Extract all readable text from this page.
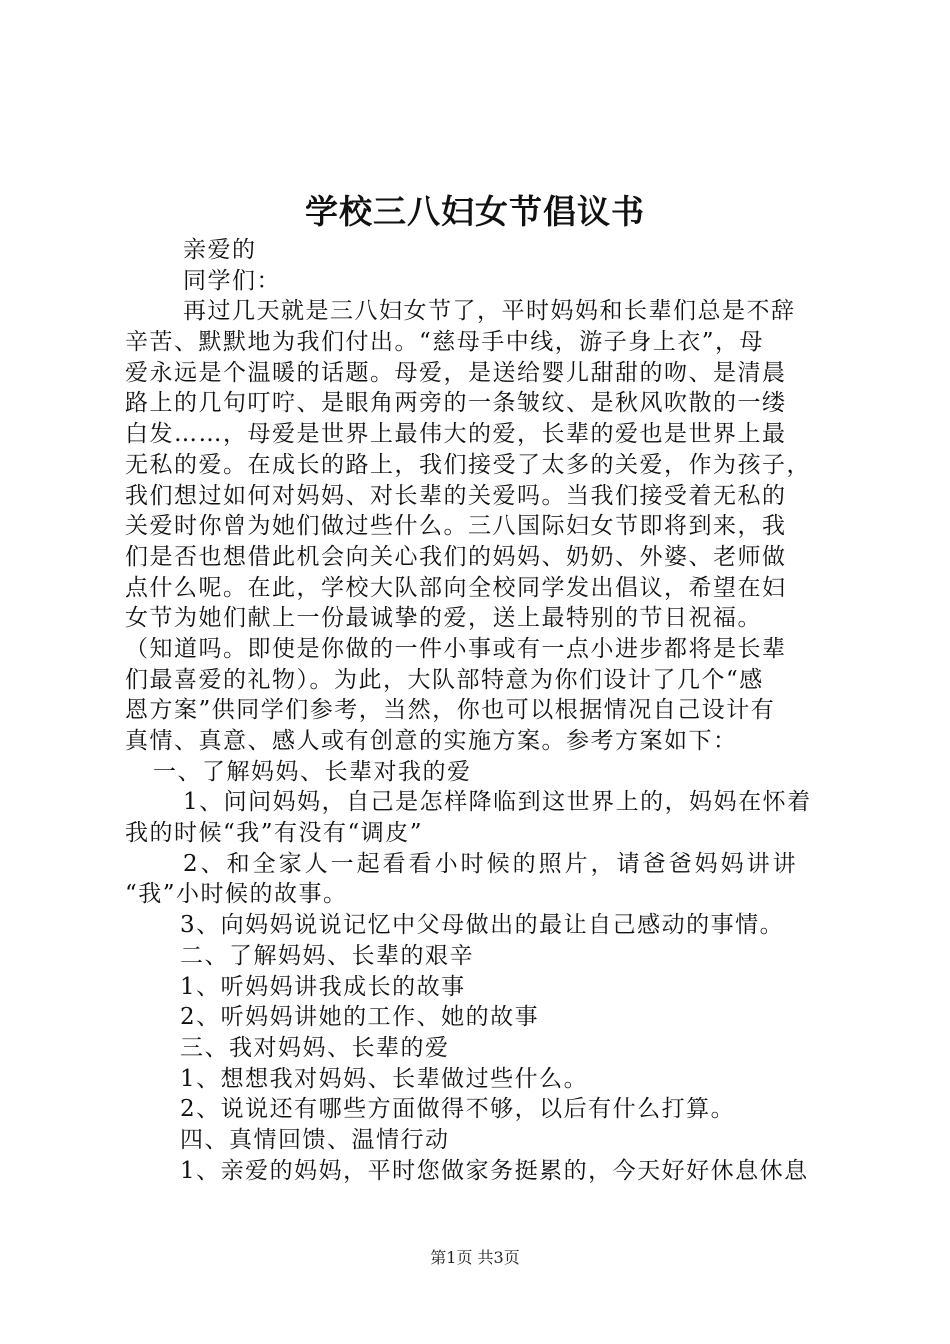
学校三八妇女节倡议书
亲爱的
同学们：
再过几天就是三八妇女节了，平时妈妈和长辈们总是不辞
辛苦、默默地为我们付出。“慈母手中线，游子身上衣”，母
爱永远是个温暖的话题。母爱，是送给婴儿甜甜的吻、是清晨
路上的几句叮咛、是眼角两旁的一条皱纹、是秋风吹散的一缕
白发……，母爱是世界上最伟大的爱，长辈的爱也是世界上最
无私的爱。在成长的路上，我们接受了太多的关爱，作为孩子，
我们想过如何对妈妈、对长辈的关爱吗。当我们接受着无私的
关爱时你曾为她们做过些什么。三八国际妇女节即将到来，我
们是否也想借此机会向关心我们的妈妈、奶奶、外婆、老师做
点什么呢。在此，学校大队部向全校同学发出倡议，希望在妇
女节为她们献上一份最诚挚的爱，送上最特别的节日祝福。
（知道吗。即使是你做的一件小事或有一点小进步都将是长辈
们最喜爱的礼物）。为此，大队部特意为你们设计了几个“感
恩方案”供同学们参考，当然，你也可以根据情况自己设计有
真情、真意、感人或有创意的实施方案。参考方案如下：
一、了解妈妈、长辈对我的爱
1、问问妈妈，自己是怎样降临到这世界上的，妈妈在怀着
我的时候“我”有没有“调皮”
2、和全家人一起看看小时候的照片，请爸爸妈妈讲讲
“我”小时候的故事。
3、向妈妈说说记忆中父母做出的最让自己感动的事情。
二、了解妈妈、长辈的艰辛
1、听妈妈讲我成长的故事
2、听妈妈讲她的工作、她的故事
三、我对妈妈、长辈的爱
1、想想我对妈妈、长辈做过些什么。
2、说说还有哪些方面做得不够，以后有什么打算。
四、真情回馈、温情行动
1、亲爱的妈妈，平时您做家务挺累的，今天好好休息休息
第1页 共3页
